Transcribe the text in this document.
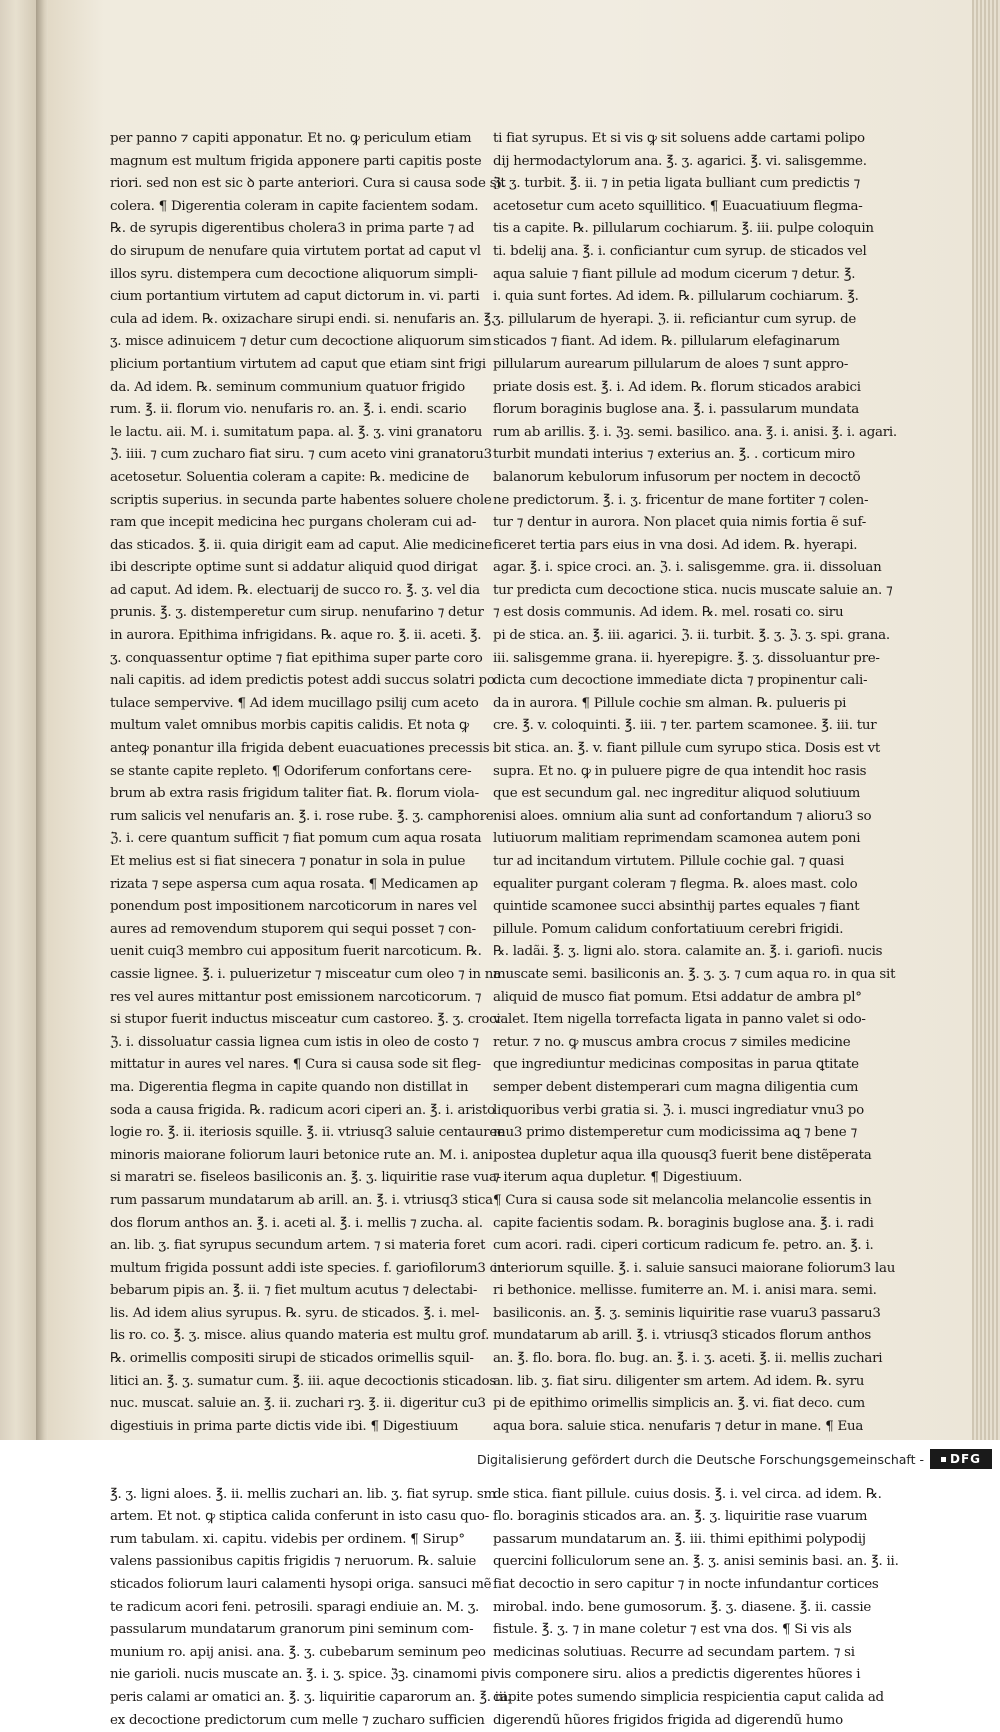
per panno ⁊ capiti apponatur. Et no. ꝙ periculum etiam
magnum est multum frigida apponere parti capitis poste
riori. sed non est sic ꝺ parte anteriori. Cura si causa sode sit
colera. ¶ Digerentia coleram in capite facientem sodam.
℞. de syrupis digerentibus cholera3 in prima parte ⁊ ad
do sirupum de nenufare quia virtutem portat ad caput vl
illos syru. distempera cum decoctione aliquorum simpli-
cium portantium virtutem ad caput dictorum in. vi. parti
cula ad idem. ℞. oxizachare sirupi endi. si. nenufaris an. ℥.
ʒ. misce adinuicem ⁊ detur cum decoctione aliquorum sim
plicium portantium virtutem ad caput que etiam sint frigi
da. Ad idem. ℞. seminum communium quatuor frigido
rum. ℥. ii. florum vio. nenufaris ro. an. ℥. i. endi. scario
le lactu. aii. M. i. sumitatum papa. al. ℥. ʒ. vini granatoru
ℨ. iiii. ⁊ cum zucharo fiat siru. ⁊ cum aceto vini granatoru3
acetosetur. Soluentia coleram a capite: ℞. medicine de
scriptis superius. in secunda parte habentes soluere chole
ram que incepit medicina hec purgans choleram cui ad-
das sticados. ℥. ii. quia dirigit eam ad caput. Alie medicine
ibi descripte optime sunt si addatur aliquid quod dirigat
ad caput. Ad idem. ℞. electuarij de succo ro. ℥. ʒ. vel dia
prunis. ℥. ʒ. distemperetur cum sirup. nenufarino ⁊ detur
in aurora. Epithima infrigidans. ℞. aque ro. ℥. ii. aceti. ℥.
ʒ. conquassentur optime ⁊ fiat epithima super parte coro
nali capitis. ad idem predictis potest addi succus solatri po
tulace sempervive. ¶ Ad idem mucillago psilij cum aceto
multum valet omnibus morbis capitis calidis. Et nota ꝙ
anteꝙ ponantur illa frigida debent euacuationes precessis
se stante capite repleto. ¶ Odoriferum confortans cere-
brum ab extra rasis frigidum taliter fiat. ℞. florum viola-
rum salicis vel nenufaris an. ℥. i. rose rube. ℥. ʒ. camphore
ℨ. i. cere quantum sufficit ⁊ fiat pomum cum aqua rosata
Et melius est si fiat sinecera ⁊ ponatur in sola in pulue
rizata ⁊ sepe aspersa cum aqua rosata. ¶ Medicamen ap
ponendum post impositionem narcoticorum in nares vel
aures ad removendum stuporem qui sequi posset ⁊ con-
uenit cuiq3 membro cui appositum fuerit narcoticum. ℞.
cassie lignee. ℥. i. puluerizetur ⁊ misceatur cum oleo ⁊ in na
res vel aures mittantur post emissionem narcoticorum. ⁊
si stupor fuerit inductus misceatur cum castoreo. ℥. ʒ. croci
ℨ. i. dissoluatur cassia lignea cum istis in oleo de costo ⁊
mittatur in aures vel nares. ¶ Cura si causa sode sit fleg-
ma. Digerentia flegma in capite quando non distillat in
soda a causa frigida. ℞. radicum acori ciperi an. ℥. i. aristo
logie ro. ℥. ii. iteriosis squille. ℥. ii. vtriusq3 saluie centauree
minoris maiorane foliorum lauri betonice rute an. M. i. ani
si maratri se. fiseleos basiliconis an. ℥. ʒ. liquiritie rase vua-
rum passarum mundatarum ab arill. an. ℥. i. vtriusq3 stica
dos florum anthos an. ℥. i. aceti al. ℥. i. mellis ⁊ zucha. al.
an. lib. ʒ. fiat syrupus secundum artem. ⁊ si materia foret
multum frigida possunt addi iste species. f. gariofilorum3 cu
bebarum pipis an. ℥. ii. ⁊ fiet multum acutus ⁊ delectabi-
lis. Ad idem alius syrupus. ℞. syru. de sticados. ℥. i. mel-
lis ro. co. ℥. ʒ. misce. alius quando materia est multu grof.
℞. orimellis compositi sirupi de sticados orimellis squil-
litici an. ℥. ʒ. sumatur cum. ℥. iii. aque decoctionis sticados
nuc. muscat. saluie an. ℥. ii. zuchari rꝫ. ℥. ii. digeritur cu3
digestiuis in prima parte dictis vide ibi. ¶ Digestiuum
℥. ʒ. ligni aloes. ℥. ii. mellis zuchari an. lib. ʒ. fiat syrup. sm
artem. Et not. ꝙ stiptica calida conferunt in isto casu quo-
rum tabulam. xi. capitu. videbis per ordinem. ¶ Sirup°
valens passionibus capitis frigidis ⁊ neruorum. ℞. saluie
sticados foliorum lauri calamenti hysopi origa. sansuci mẽ
te radicum acori feni. petrosili. sparagi endiuie an. M. ʒ.
passularum mundatarum granorum pini seminum com-
munium ro. apij anisi. ana. ℥. ʒ. cubebarum seminum peo
nie garioli. nucis muscate an. ℥. i. ʒ. spice. ℨꝫ. cinamomi pi
peris calami ar omatici an. ℥. ʒ. liquiritie caparorum an. ℥. iii.
ex decoctione predictorum cum melle ⁊ zucharo sufficien
ti fiat syrupus. Et si vis ꝙ sit soluens adde cartami polipo
dij hermodactylorum ana. ℥. ʒ. agarici. ℥. vi. salisgemme.
ℨ. ʒ. turbit. ℥. ii. ⁊ in petia ligata bulliant cum predictis ⁊
acetosetur cum aceto squillitico. ¶ Euacuatiuum flegma-
tis a capite. ℞. pillularum cochiarum. ℥. iii. pulpe coloquin
ti. bdelij ana. ℥. i. conficiantur cum syrup. de sticados vel
aqua saluie ⁊ fiant pillule ad modum cicerum ⁊ detur. ℥.
i. quia sunt fortes. Ad idem. ℞. pillularum cochiarum. ℥.
ʒ. pillularum de hyerapi. ℨ. ii. reficiantur cum syrup. de
sticados ⁊ fiant. Ad idem. ℞. pillularum elefaginarum
pillularum aurearum pillularum de aloes ⁊ sunt appro-
priate dosis est. ℥. i. Ad idem. ℞. florum sticados arabici
florum boraginis buglose ana. ℥. i. passularum mundata
rum ab arillis. ℥. i. ℨꝫ. semi. basilico. ana. ℥. i. anisi. ℥. i. agari.
turbit mundati interius ⁊ exterius an. ℥. . corticum miro
balanorum kebulorum infusorum per noctem in decoctõ
ne predictorum. ℥. i. ʒ. fricentur de mane fortiter ⁊ colen-
tur ⁊ dentur in aurora. Non placet quia nimis fortia ẽ suf-
ficeret tertia pars eius in vna dosi. Ad idem. ℞. hyerapi.
agar. ℥. i. spice croci. an. ℨ. i. salisgemme. gra. ii. dissoluan
tur predicta cum decoctione stica. nucis muscate saluie an. ⁊
⁊ est dosis communis. Ad idem. ℞. mel. rosati co. siru
pi de stica. an. ℥. iii. agarici. ℨ. ii. turbit. ℥. ʒ. ℨ. ʒ. spi. grana.
iii. salisgemme grana. ii. hyerepigre. ℥. ʒ. dissoluantur pre-
dicta cum decoctione immediate dicta ⁊ propinentur cali-
da in aurora. ¶ Pillule cochie sm alman. ℞. pulueris pi
cre. ℥. v. coloquinti. ℥. iii. ⁊ ter. partem scamonee. ℥. iii. tur
bit stica. an. ℥. v. fiant pillule cum syrupo stica. Dosis est vt
supra. Et no. ꝙ in puluere pigre de qua intendit hoc rasis
que est secundum gal. nec ingreditur aliquod solutiuum
nisi aloes. omnium alia sunt ad confortandum ⁊ alioru3 so
lutiuorum malitiam reprimendam scamonea autem poni
tur ad incitandum virtutem. Pillule cochie gal. ⁊ quasi
equaliter purgant coleram ⁊ flegma. ℞. aloes mast. colo
quintide scamonee succi absinthij partes equales ⁊ fiant
pillule. Pomum calidum confortatiuum cerebri frigidi.
℞. ladãi. ℥. ʒ. ligni alo. stora. calamite an. ℥. i. gariofi. nucis
muscate semi. basiliconis an. ℥. ʒ. ʒ. ⁊ cum aqua ro. in qua sit
aliquid de musco fiat pomum. Etsi addatur de ambra pl°
valet. Item nigella torrefacta ligata in panno valet si odo-
retur. ⁊ no. ꝙ muscus ambra crocus ⁊ similes medicine
que ingrediuntur medicinas compositas in parua ꝗtitate
semper debent distemperari cum magna diligentia cum
liquoribus verbi gratia si. ℨ. i. musci ingrediatur vnu3 po
mu3 primo distemperetur cum modicissima aꝗ ⁊ bene ⁊
postea dupletur aqua illa quousq3 fuerit bene distẽperata
⁊ iterum aqua dupletur. ¶ Digestiuum.
¶ Cura si causa sode sit melancolia melancolie essentis in
capite facientis sodam. ℞. boraginis buglose ana. ℥. i. radi
cum acori. radi. ciperi corticum radicum fe. petro. an. ℥. i.
interiorum squille. ℥. i. saluie sansuci maiorane foliorum3 lau
ri bethonice. mellisse. fumiterre an. M. i. anisi mara. semi.
basiliconis. an. ℥. ʒ. seminis liquiritie rase vuaru3 passaru3
mundatarum ab arill. ℥. i. vtriusq3 sticados florum anthos
an. ℥. flo. bora. flo. bug. an. ℥. i. ʒ. aceti. ℥. ii. mellis zuchari
an. lib. ʒ. fiat siru. diligenter sm artem. Ad idem. ℞. syru
pi de epithimo orimellis simplicis an. ℥. vi. fiat deco. cum
aqua bora. saluie stica. nenufaris ⁊ detur in mane. ¶ Eua
de stica. fiant pillule. cuius dosis. ℥. i. vel circa. ad idem. ℞.
flo. boraginis sticados ara. an. ℥. ʒ. liquiritie rase vuarum
passarum mundatarum an. ℥. iii. thimi epithimi polypodij
quercini folliculorum sene an. ℥. ʒ. anisi seminis basi. an. ℥. ii.
fiat decoctio in sero capitur ⁊ in nocte infundantur cortices
mirobal. indo. bene gumosorum. ℥. ʒ. diasene. ℥. ii. cassie
fistule. ℥. ʒ. ⁊ in mane coletur ⁊ est vna dos. ¶ Si vis als
medicinas solutiuas. Recurre ad secundam partem. ⁊ si
vis componere siru. alios a predictis digerentes hũores i
capite potes sumendo simplicia respicientia caput calida ad
digerendũ hũores frigidos frigida ad digerendũ humo
Digitalisierung gefördert durch die Deutsche Forschungsgemeinschaft -	DFG
